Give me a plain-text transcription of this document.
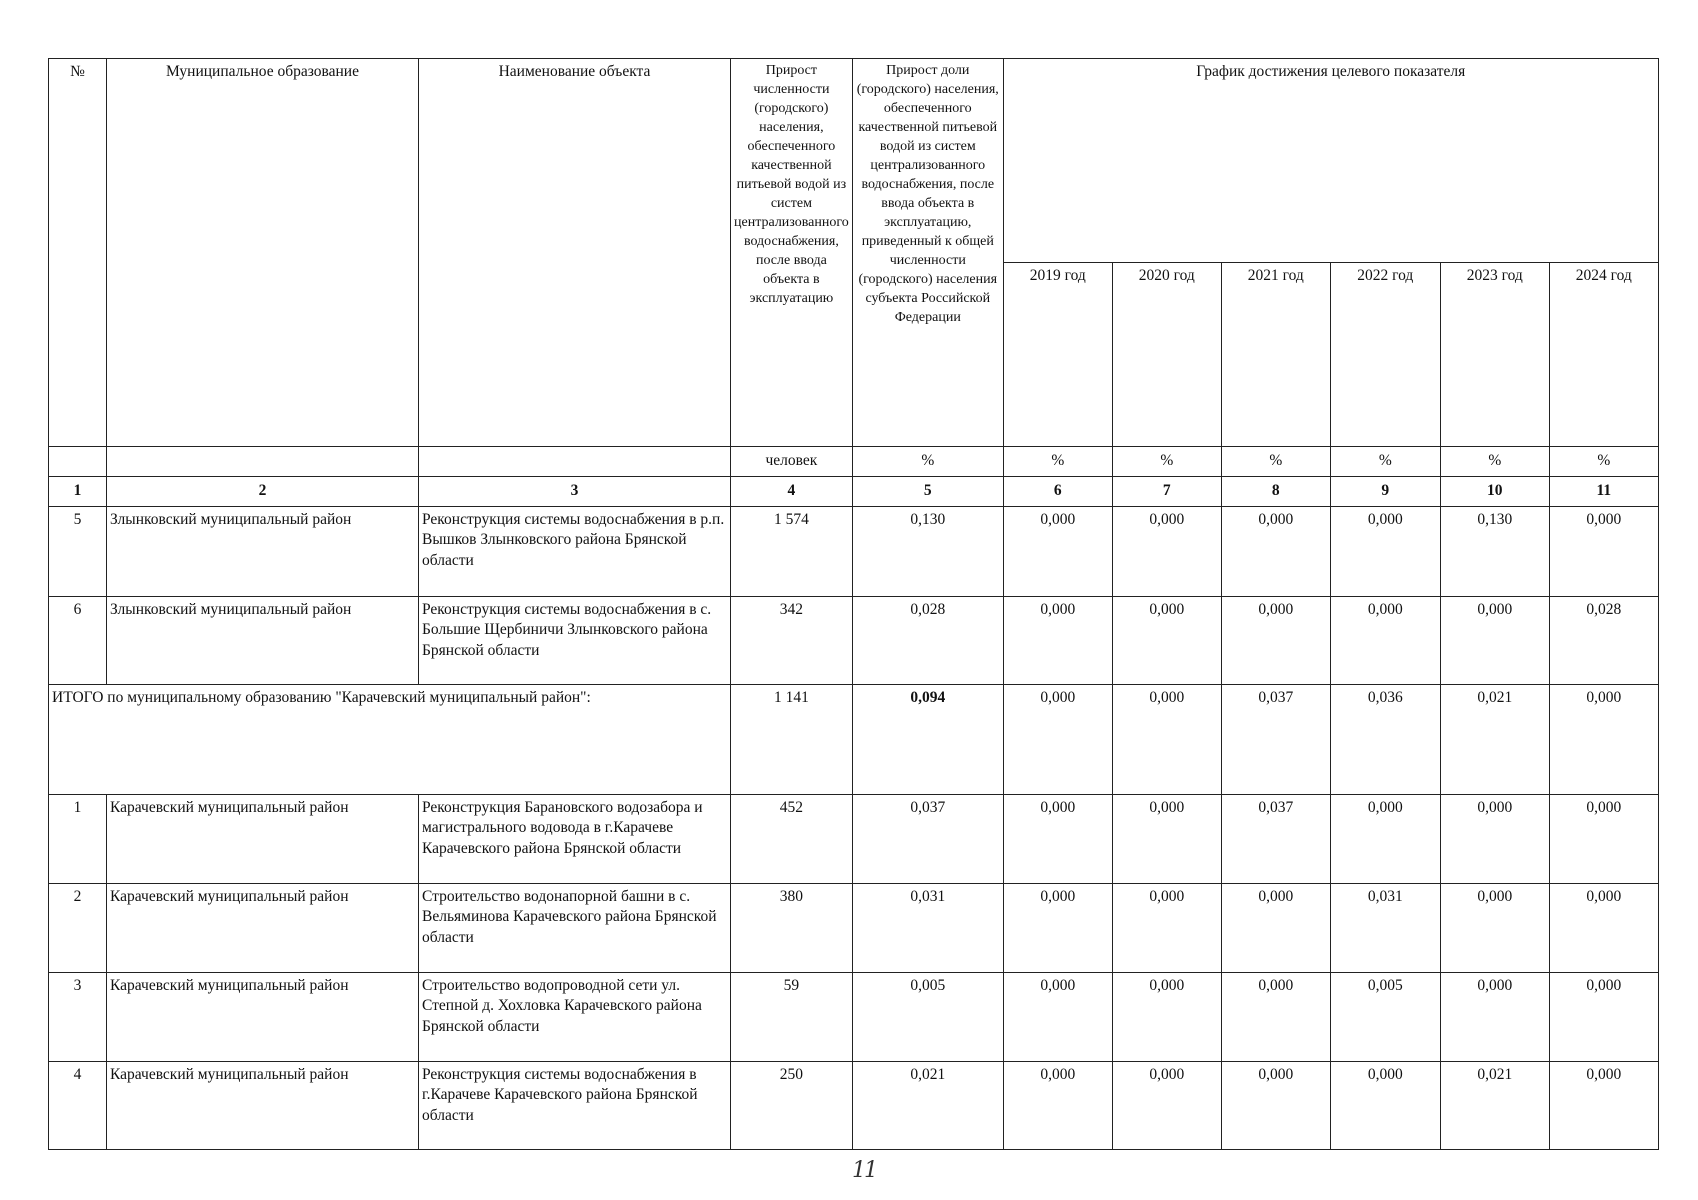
№	Муниципальное образование	Наименование объекта	Прирост численности (городского) населения, обеспеченного качественной питьевой водой из систем централизованного водоснабжения, после ввода объекта в эксплуатацию	Прирост доли (городского) населения, обеспеченного качественной питьевой водой из систем централизованного водоснабжения, после ввода объекта в эксплуатацию, приведенный к общей численности (городского) населения субъекта Российской Федерации	График достижения целевого показателя					
					2019 год	2020 год	2021 год	2022 год	2023 год	2024 год
			человек	%	%	%	%	%	%	%
1	2	3	4	5	6	7	8	9	10	11
5	Злынковский муниципальный район	Реконструкция системы водоснабжения в р.п. Вышков Злынковского района Брянской области	1 574	0,130	0,000	0,000	0,000	0,000	0,130	0,000
6	Злынковский муниципальный район	Реконструкция системы водоснабжения в с. Большие Щербиничи Злынковского района Брянской области	342	0,028	0,000	0,000	0,000	0,000	0,000	0,028
ИТОГО по муниципальному образованию "Карачевский муниципальный район":			1 141	0,094	0,000	0,000	0,037	0,036	0,021	0,000
1	Карачевский муниципальный район	Реконструкция Барановского водозабора и магистрального водовода в г.Карачеве Карачевского района Брянской области	452	0,037	0,000	0,000	0,037	0,000	0,000	0,000
2	Карачевский муниципальный район	Строительство водонапорной башни в с. Вельяминова Карачевского района Брянской области	380	0,031	0,000	0,000	0,000	0,031	0,000	0,000
3	Карачевский муниципальный район	Строительство водопроводной сети ул. Степной д. Хохловка Карачевского района Брянской области	59	0,005	0,000	0,000	0,000	0,005	0,000	0,000
4	Карачевский муниципальный район	Реконструкция системы водоснабжения в г.Карачеве Карачевского района Брянской области	250	0,021	0,000	0,000	0,000	0,000	0,021	0,000
11
